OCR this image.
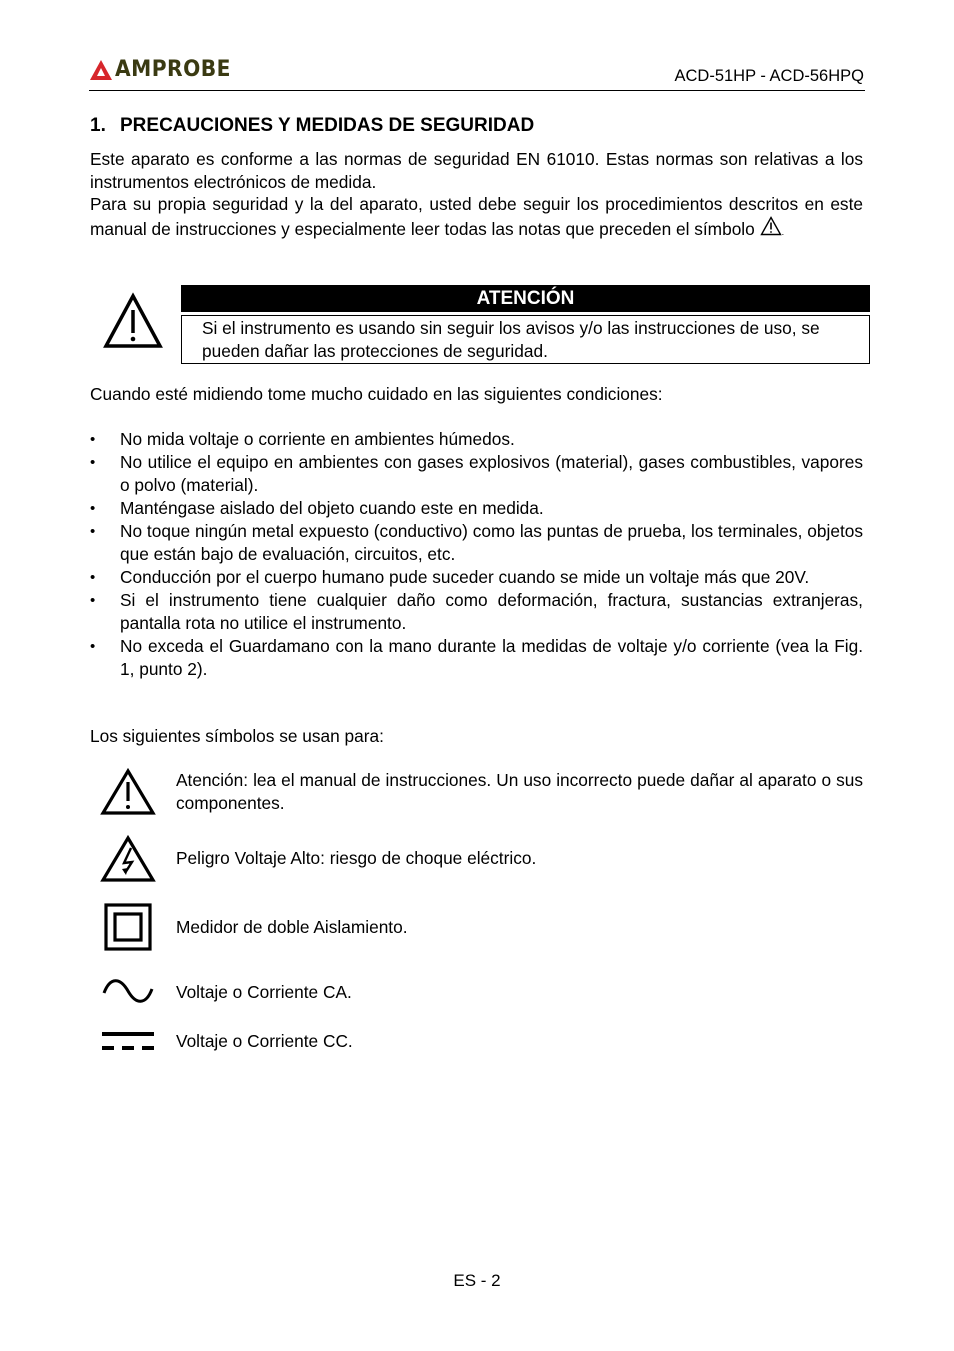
AMPROBE	ACD-51HP - ACD-56HPQ
1. PRECAUCIONES Y MEDIDAS DE SEGURIDAD
Este aparato es conforme a las normas de seguridad EN 61010. Estas normas son relativas a los instrumentos electrónicos de medida.
Para su propia seguridad y la del aparato, usted debe seguir los procedimientos descritos en este manual de instrucciones y especialmente leer todas las notas que preceden el símbolo	.
ATENCIÓN
Si el instrumento es usando sin seguir los avisos y/o las instrucciones de uso, se pueden dañar las protecciones de seguridad.
Cuando esté midiendo tome mucho cuidado en las siguientes condiciones:
• No mida voltaje o corriente en ambientes húmedos.
• No utilice el equipo en ambientes con gases explosivos (material), gases combustibles, vapores o polvo (material).
• Manténgase aislado del objeto cuando este en medida.
• No toque ningún metal expuesto (conductivo) como las puntas de prueba, los terminales, objetos que están bajo de evaluación, circuitos, etc.
• Conducción por el cuerpo humano pude suceder cuando se mide un voltaje más que 20V.
• Si el instrumento tiene cualquier daño como deformación, fractura, sustancias extranjeras, pantalla rota no utilice el instrumento.
• No exceda el Guardamano con la mano durante la medidas de voltaje y/o corriente (vea la Fig. 1, punto 2).
Los siguientes símbolos se usan para:
Atención: lea el manual de instrucciones. Un uso incorrecto puede dañar al aparato o sus componentes.
Peligro Voltaje Alto: riesgo de choque eléctrico.
Medidor de doble Aislamiento.
Voltaje o Corriente CA.
Voltaje o Corriente CC.
ES - 2
